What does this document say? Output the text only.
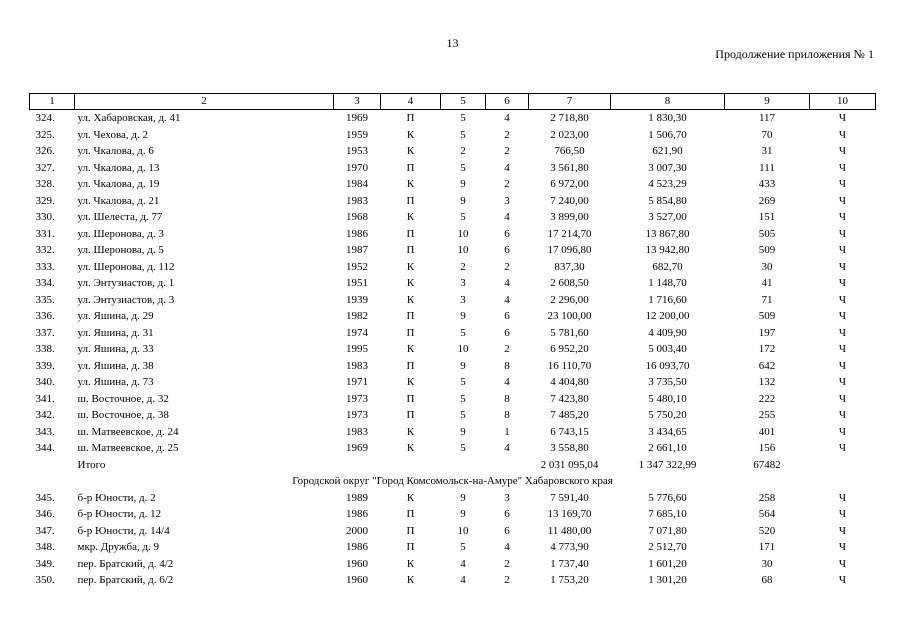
13
Продолжение приложения № 1
1	2	3	4	5	6	7	8	9	10
324.	ул. Хабаровская, д. 41	1969	П	5	4	2 718,80	1 830,30	117	Ч
325.	ул. Чехова, д. 2	1959	К	5	2	2 023,00	1 506,70	70	Ч
326.	ул. Чкалова, д. 6	1953	К	2	2	766,50	621,90	31	Ч
327.	ул. Чкалова, д. 13	1970	П	5	4	3 561,80	3 007,30	111	Ч
328.	ул. Чкалова, д. 19	1984	К	9	2	6 972,00	4 523,29	433	Ч
329.	ул. Чкалова, д. 21	1983	П	9	3	7 240,00	5 854,80	269	Ч
330.	ул. Шелеста, д. 77	1968	К	5	4	3 899,00	3 527,00	151	Ч
331.	ул. Шеронова, д. 3	1986	П	10	6	17 214,70	13 867,80	505	Ч
332.	ул. Шеронова, д. 5	1987	П	10	6	17 096,80	13 942,80	509	Ч
333.	ул. Шеронова, д. 112	1952	К	2	2	837,30	682,70	30	Ч
334.	ул. Энтузиастов, д. 1	1951	К	3	4	2 608,50	1 148,70	41	Ч
335.	ул. Энтузиастов, д. 3	1939	К	3	4	2 296,00	1 716,60	71	Ч
336.	ул. Яшина, д. 29	1982	П	9	6	23 100,00	12 200,00	509	Ч
337.	ул. Яшина, д. 31	1974	П	5	6	5 781,60	4 409,90	197	Ч
338.	ул. Яшина, д. 33	1995	К	10	2	6 952,20	5 003,40	172	Ч
339.	ул. Яшина, д. 38	1983	П	9	8	16 110,70	16 093,70	642	Ч
340.	ул. Яшина, д. 73	1971	К	5	4	4 404,80	3 735,50	132	Ч
341.	ш. Восточное, д. 32	1973	П	5	8	7 423,80	5 480,10	222	Ч
342.	ш. Восточное, д. 38	1973	П	5	8	7 485,20	5 750,20	255	Ч
343.	ш. Матвеевское, д. 24	1983	К	9	1	6 743,15	3 434,65	401	Ч
344.	ш. Матвеевское, д. 25	1969	К	5	4	3 558,80	2 661,10	156	Ч
	Итого					2 031 095,04	1 347 322,99	67482	
Городской округ "Город Комсомольск-на-Амуре" Хабаровского края									
345.	б-р Юности, д. 2	1989	К	9	3	7 591,40	5 776,60	258	Ч
346.	б-р Юности, д. 12	1986	П	9	6	13 169,70	7 685,10	564	Ч
347.	б-р Юности, д. 14/4	2000	П	10	6	11 480,00	7 071,80	520	Ч
348.	мкр. Дружба, д. 9	1986	П	5	4	4 773,90	2 512,70	171	Ч
349.	пер. Братский, д. 4/2	1960	К	4	2	1 737,40	1 601,20	30	Ч
350.	пер. Братский, д. 6/2	1960	К	4	2	1 753,20	1 301,20	68	Ч
